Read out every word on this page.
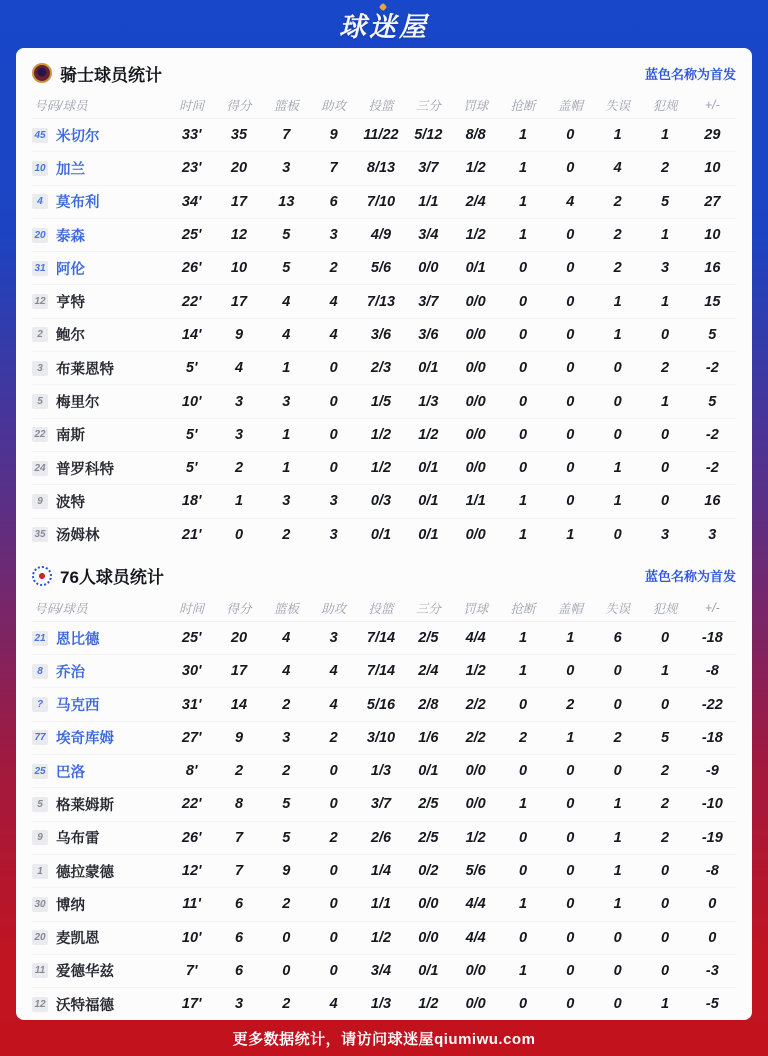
球迷屋
骑士球员统计	蓝色名称为首发
号码/球员	时间	得分	篮板	助攻	投篮	三分	罚球	抢断	盖帽	失误	犯规	+/-
45 米切尔	33'	35	7	9	11/22	5/12	8/8	1	0	1	1	29
10 加兰	23'	20	3	7	8/13	3/7	1/2	1	0	4	2	10
4 莫布利	34'	17	13	6	7/10	1/1	2/4	1	4	2	5	27
20 泰森	25'	12	5	3	4/9	3/4	1/2	1	0	2	1	10
31 阿伦	26'	10	5	2	5/6	0/0	0/1	0	0	2	3	16
12 亨特	22'	17	4	4	7/13	3/7	0/0	0	0	1	1	15
2 鲍尔	14'	9	4	4	3/6	3/6	0/0	0	0	1	0	5
3 布莱恩特	5'	4	1	0	2/3	0/1	0/0	0	0	0	2	-2
5 梅里尔	10'	3	3	0	1/5	1/3	0/0	0	0	0	1	5
22 南斯	5'	3	1	0	1/2	1/2	0/0	0	0	0	0	-2
24 普罗科特	5'	2	1	0	1/2	0/1	0/0	0	0	1	0	-2
9 波特	18'	1	3	3	0/3	0/1	1/1	1	0	1	0	16
35 汤姆林	21'	0	2	3	0/1	0/1	0/0	1	1	0	3	3
76人球员统计	蓝色名称为首发
号码/球员	时间	得分	篮板	助攻	投篮	三分	罚球	抢断	盖帽	失误	犯规	+/-
21 恩比德	25'	20	4	3	7/14	2/5	4/4	1	1	6	0	-18
8 乔治	30'	17	4	4	7/14	2/4	1/2	1	0	0	1	-8
? 马克西	31'	14	2	4	5/16	2/8	2/2	0	2	0	0	-22
77 埃奇库姆	27'	9	3	2	3/10	1/6	2/2	2	1	2	5	-18
25 巴洛	8'	2	2	0	1/3	0/1	0/0	0	0	0	2	-9
5 格莱姆斯	22'	8	5	0	3/7	2/5	0/0	1	0	1	2	-10
9 乌布雷	26'	7	5	2	2/6	2/5	1/2	0	0	1	2	-19
1 德拉蒙德	12'	7	9	0	1/4	0/2	5/6	0	0	1	0	-8
30 博纳	11'	6	2	0	1/1	0/0	4/4	1	0	1	0	0
20 麦凯恩	10'	6	0	0	1/2	0/0	4/4	0	0	0	0	0
11 爱德华兹	7'	6	0	0	3/4	0/1	0/0	1	0	0	0	-3
12 沃特福德	17'	3	2	4	1/3	1/2	0/0	0	0	0	1	-5
更多数据统计，请访问球迷屋qiumiwu.com
